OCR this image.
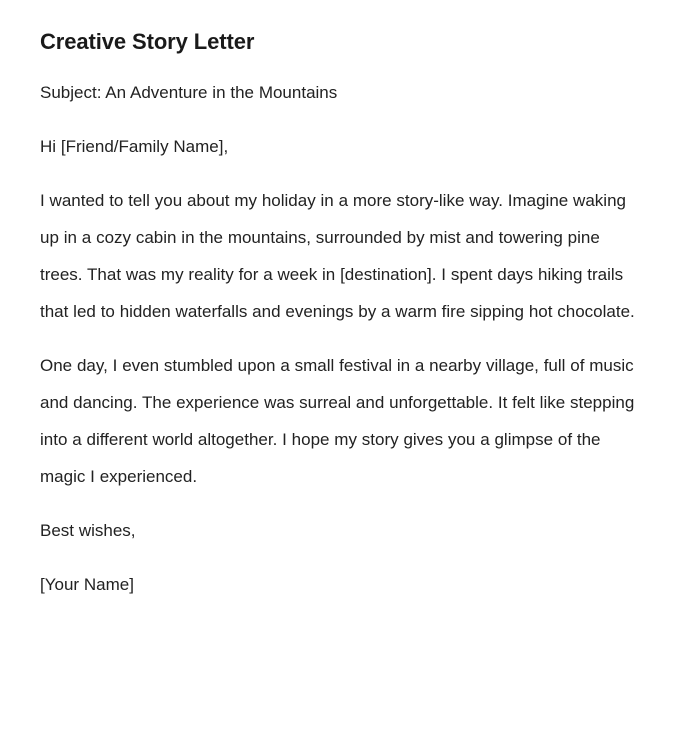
Creative Story Letter

Subject: An Adventure in the Mountains

Hi [Friend/Family Name],

I wanted to tell you about my holiday in a more story-like way. Imagine waking up in a cozy cabin in the mountains, surrounded by mist and towering pine trees. That was my reality for a week in [destination]. I spent days hiking trails that led to hidden waterfalls and evenings by a warm fire sipping hot chocolate.

One day, I even stumbled upon a small festival in a nearby village, full of music and dancing. The experience was surreal and unforgettable. It felt like stepping into a different world altogether. I hope my story gives you a glimpse of the magic I experienced.

Best wishes,

[Your Name]
